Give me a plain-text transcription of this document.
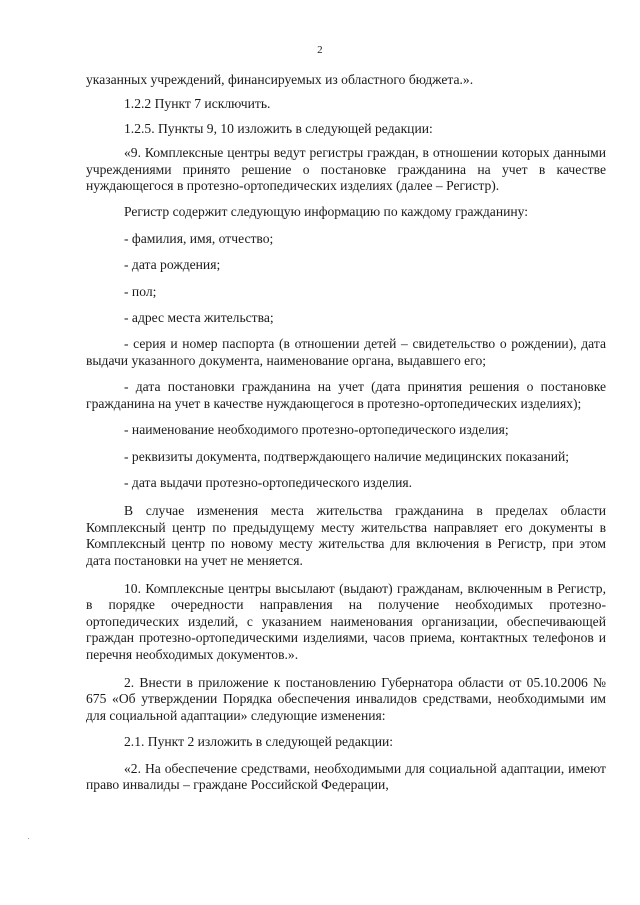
2

указанных учреждений, финансируемых из областного бюджета.».

1.2.2 Пункт 7 исключить.

1.2.5. Пункты 9, 10 изложить в следующей редакции:

«9. Комплексные центры ведут регистры граждан, в отношении которых данными учреждениями принято решение о постановке гражданина на учет в качестве нуждающегося в протезно-ортопедических изделиях (далее – Регистр).

Регистр содержит следующую информацию по каждому гражданину:

- фамилия, имя, отчество;

- дата рождения;

- пол;

- адрес места жительства;

- серия и номер паспорта (в отношении детей – свидетельство о рождении), дата выдачи указанного документа, наименование органа, выдавшего его;

- дата постановки гражданина на учет (дата принятия решения о постановке гражданина на учет в качестве нуждающегося в протезно-ортопедических изделиях);

- наименование необходимого протезно-ортопедического изделия;

- реквизиты документа, подтверждающего наличие медицинских показаний;

- дата выдачи протезно-ортопедического изделия.

В случае изменения места жительства гражданина в пределах области Комплексный центр по предыдущему месту жительства направляет его документы в Комплексный центр по новому месту жительства для включения в Регистр, при этом дата постановки на учет не меняется.

10. Комплексные центры высылают (выдают) гражданам, включенным в Регистр, в порядке очередности направления на получение необходимых протезно-ортопедических изделий, с указанием наименования организации, обеспечивающей граждан протезно-ортопедическими изделиями, часов приема, контактных телефонов и перечня необходимых документов.».

2. Внести в приложение к постановлению Губернатора области от 05.10.2006 № 675 «Об утверждении Порядка обеспечения инвалидов средствами, необходимыми им для социальной адаптации» следующие изменения:

2.1. Пункт 2 изложить в следующей редакции:

«2. На обеспечение средствами, необходимыми для социальной адаптации, имеют право инвалиды – граждане Российской Федерации,
